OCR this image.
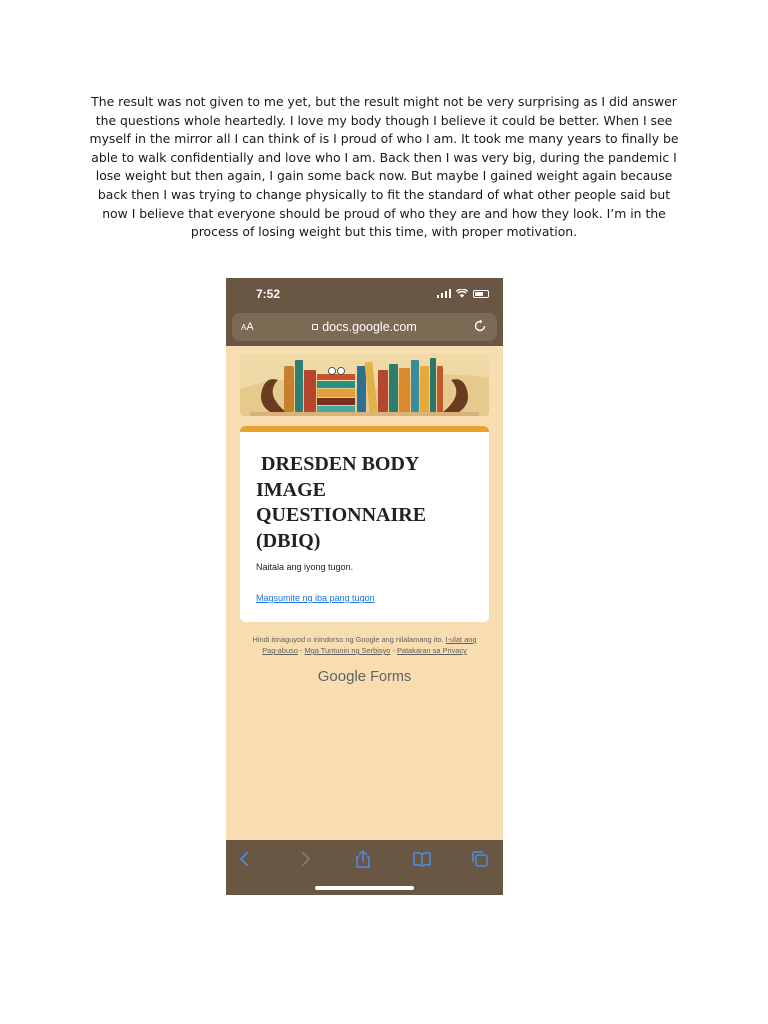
The result was not given to me yet, but the result might not be very surprising as I did answer the questions whole heartedly. I love my body though I believe it could be better. When I see myself in the mirror all I can think of is I proud of who I am. It took me many years to finally be able to walk confidentially and love who I am. Back then I was very big, during the pandemic I lose weight but then again, I gain some back now. But maybe I gained weight again because back then I was trying to change physically to fit the standard of what other people said but now I believe that everyone should be proud of who they are and how they look. I’m in the process of losing weight but this time, with proper motivation.

7:52
AA	docs.google.com
DRESDEN BODY IMAGE QUESTIONNAIRE (DBIQ)
Naitala ang iyong tugon.
Magsumite ng iba pang tugon

Hindi itinaguyod o inindorso ng Google ang nilalamang ito. I-ulat ang Pag-abuso - Mga Tuntunin ng Serbisyo - Patakaran sa Privacy

Google Forms
